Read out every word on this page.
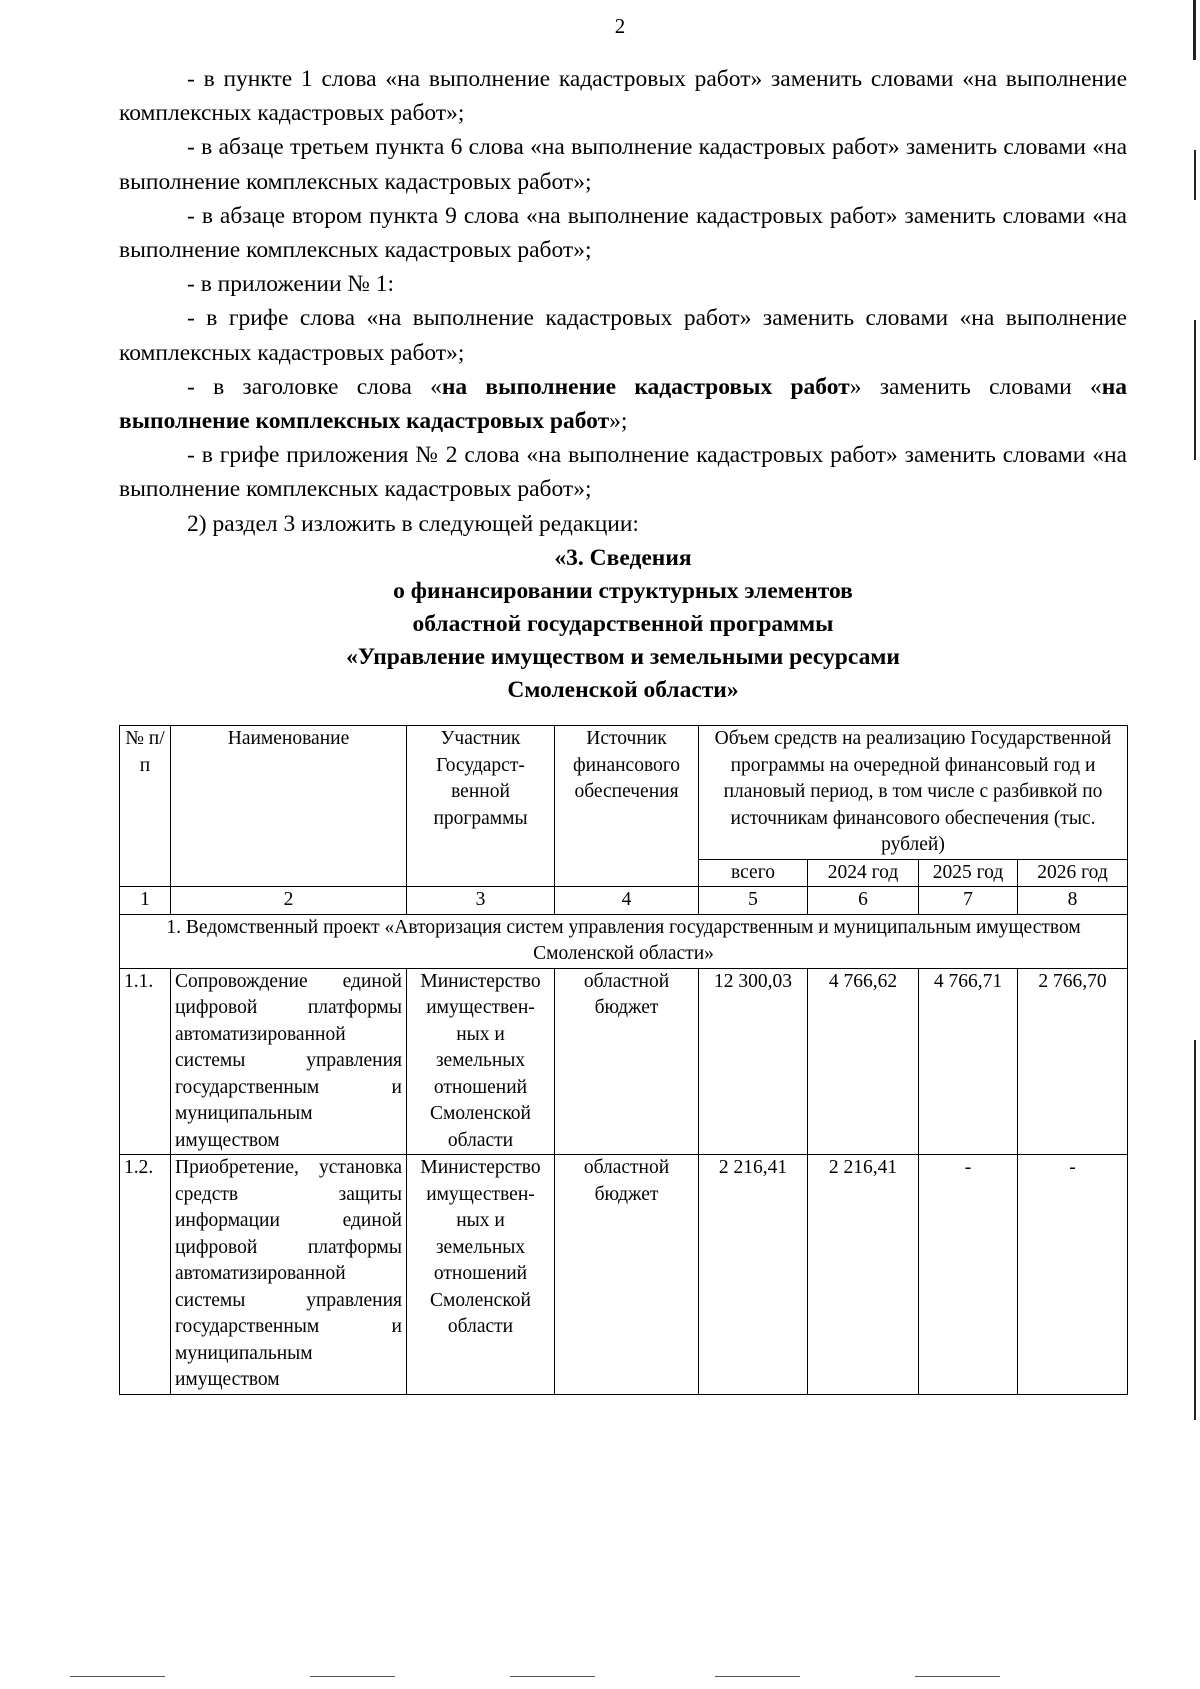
2

- в пункте 1 слова «на выполнение кадастровых работ» заменить словами «на выполнение комплексных кадастровых работ»;

- в абзаце третьем пункта 6 слова «на выполнение кадастровых работ» заменить словами «на выполнение комплексных кадастровых работ»;

- в абзаце втором пункта 9 слова «на выполнение кадастровых работ» заменить словами «на выполнение комплексных кадастровых работ»;

- в приложении № 1:

- в грифе слова «на выполнение кадастровых работ» заменить словами «на выполнение комплексных кадастровых работ»;

- в заголовке слова «на выполнение кадастровых работ» заменить словами «на выполнение комплексных кадастровых работ»;

- в грифе приложения № 2 слова «на выполнение кадастровых работ» заменить словами «на выполнение комплексных кадастровых работ»;

2) раздел 3 изложить в следующей редакции:

«3. Сведения
о финансировании структурных элементов
областной государственной программы
«Управление имуществом и земельными ресурсами
Смоленской области»
№ п/п	Наименование	Участник Государст- венной программы	Источник финансового обеспечения	Объем средств на реализацию Государственной программы на очередной финансовый год и плановый период, в том числе с разбивкой по источникам финансового обеспечения (тыс. рублей)			
				всего	2024 год	2025 год	2026 год
1	2	3	4	5	6	7	8
1. Ведомственный проект «Авторизация систем управления государственным и муниципальным имуществом Смоленской области»							
1.1.	Сопровождение единой цифровой платформы автоматизированной системы управления государственным и муниципальным имуществом	Министерство имуществен- ных и земельных отношений Смоленской области	областной бюджет	12 300,03	4 766,62	4 766,71	2 766,70
1.2.	Приобретение, установка средств защиты информации единой цифровой платформы автоматизированной системы управления государственным и муниципальным имуществом	Министерство имуществен- ных и земельных отношений Смоленской области	областной бюджет	2 216,41	2 216,41	-	-
